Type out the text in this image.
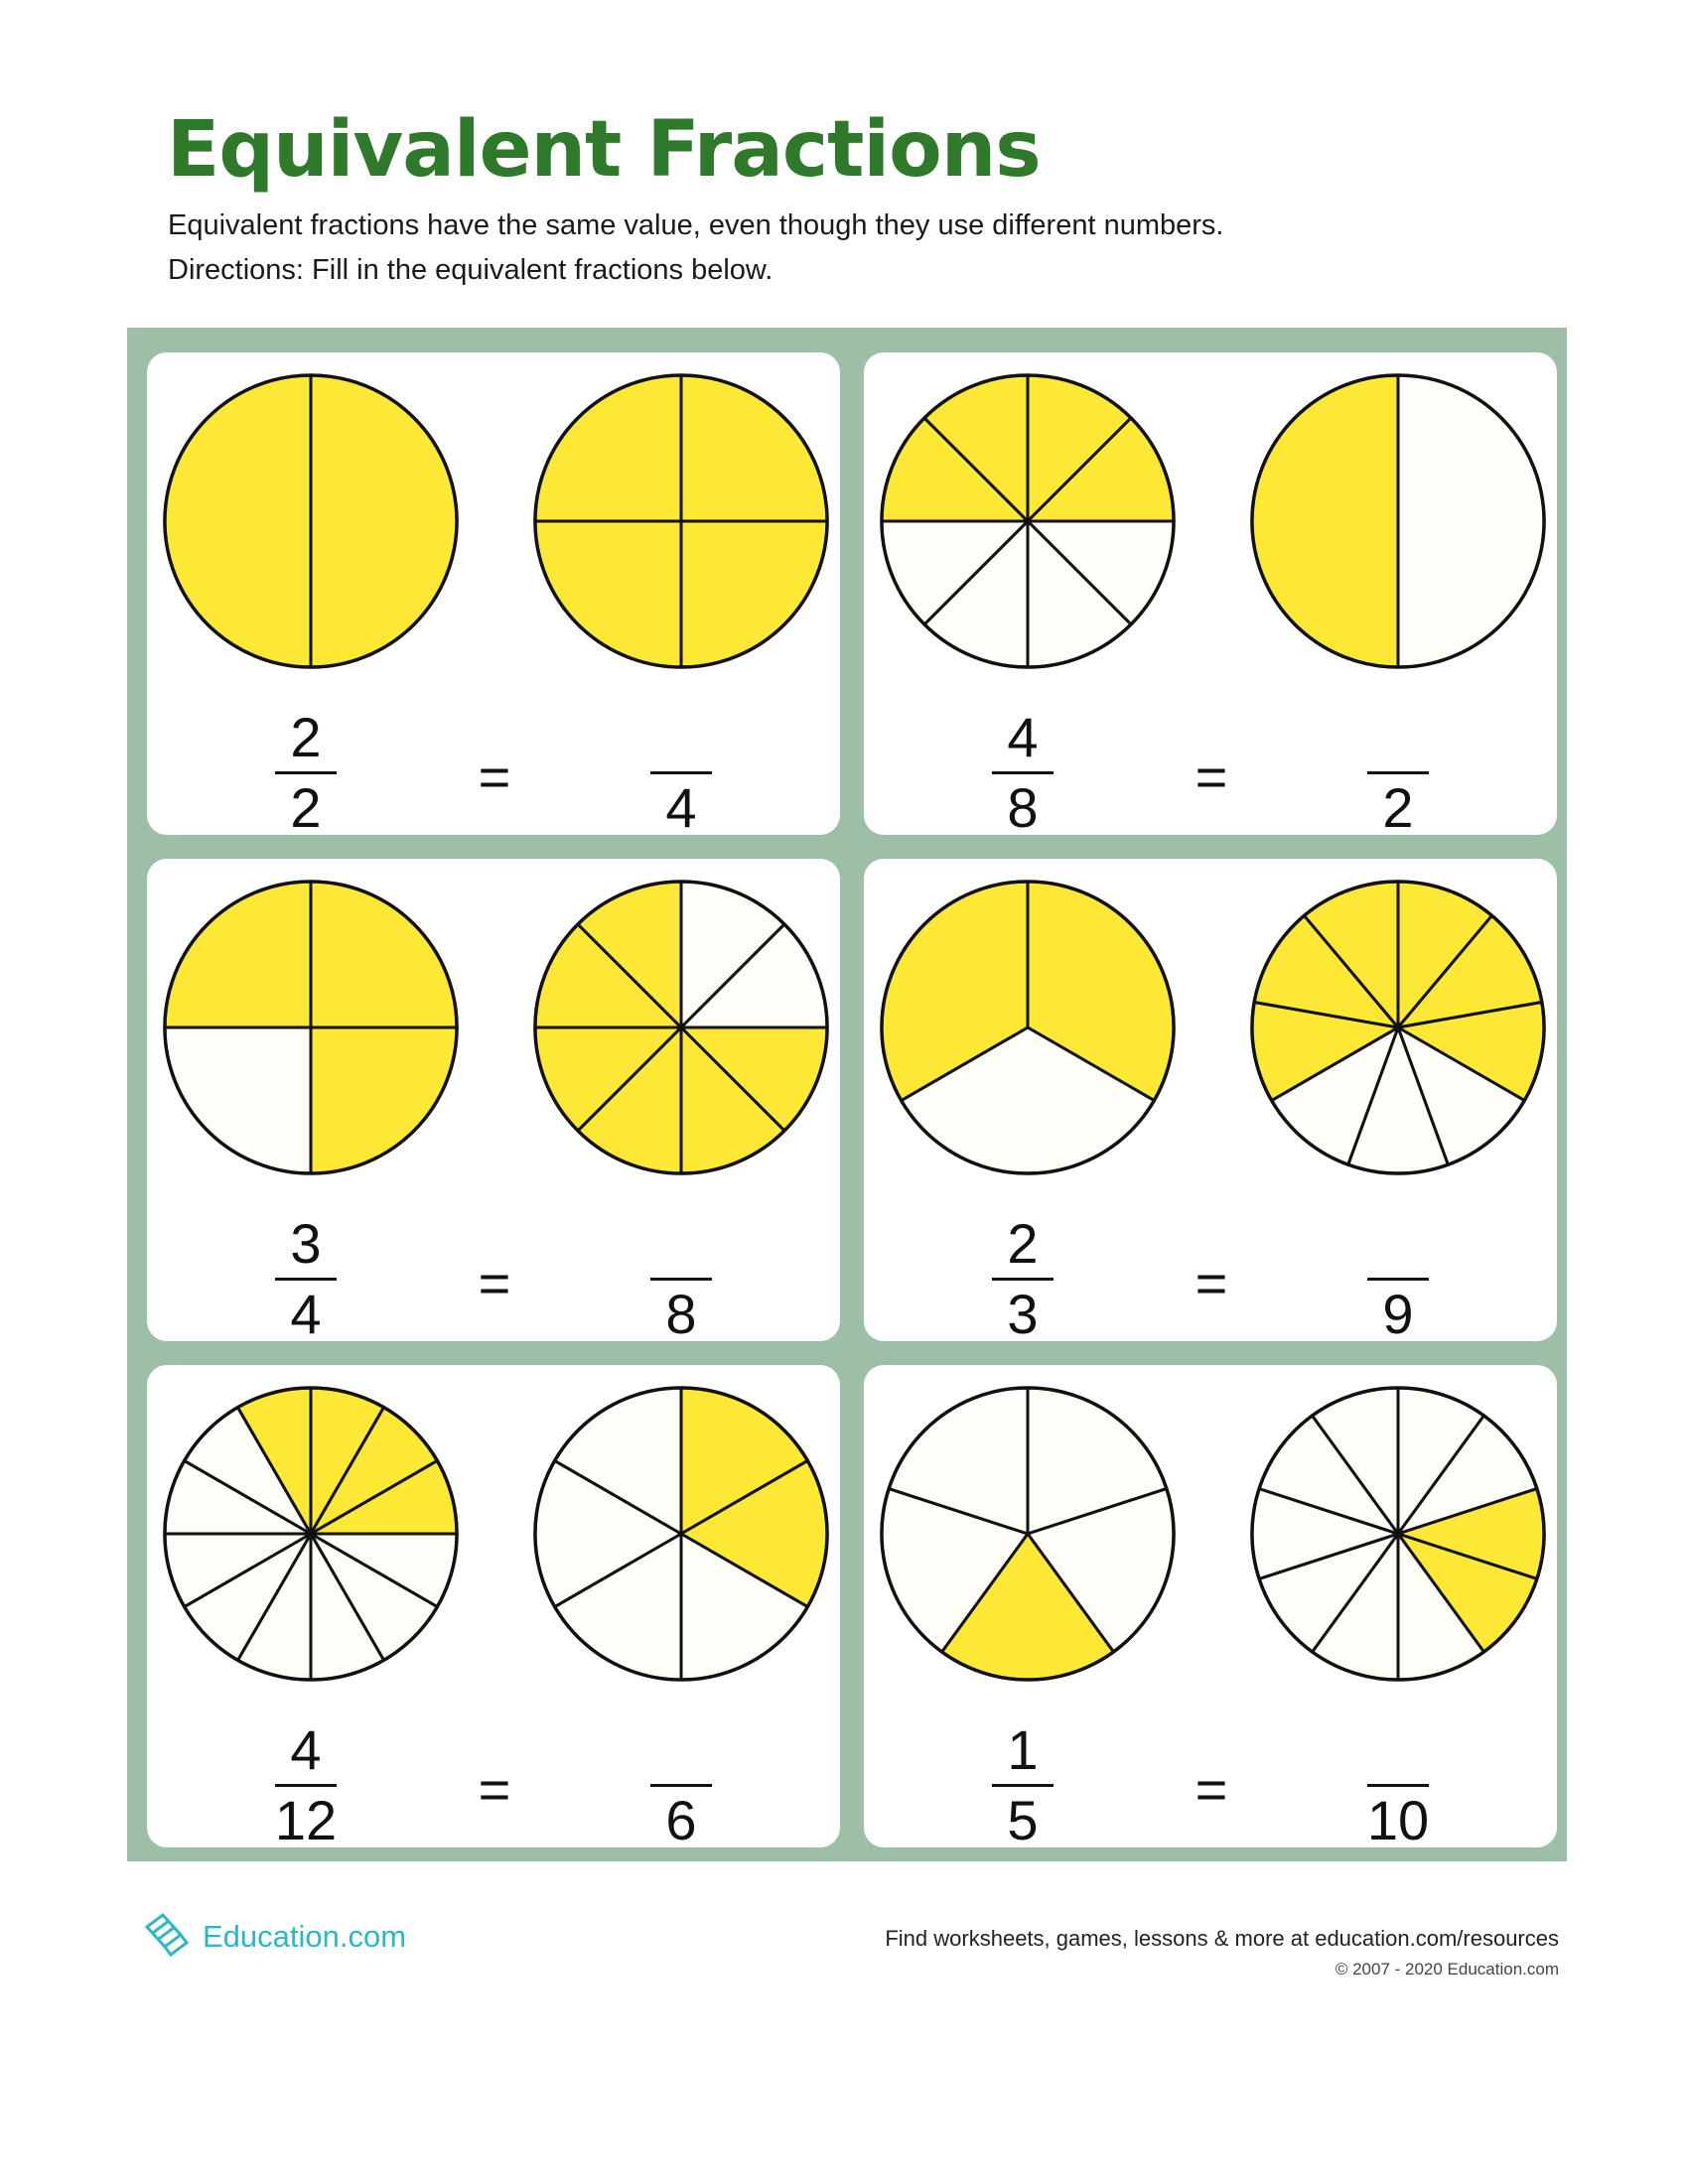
Equivalent Fractions

Equivalent fractions have the same value, even though they use different numbers.

Directions: Fill in the equivalent fractions below.

2
2	=	4
4
8	=	2
3
4	=	8
2
3	=	9
4
12	=	6
1
5	=	10
Education.com	Find worksheets, games, lessons & more at education.com/resources
© 2007 - 2020 Education.com
